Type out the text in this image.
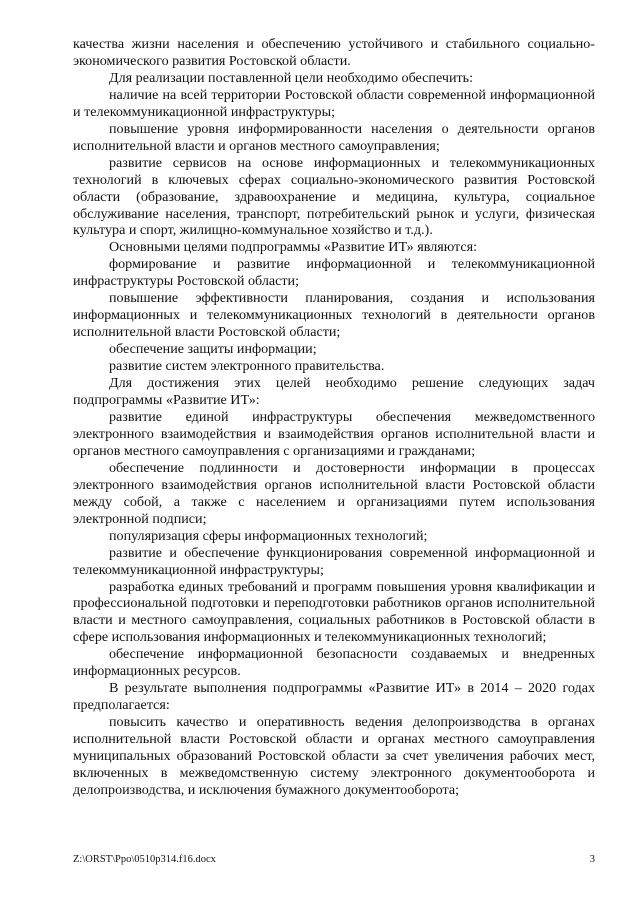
качества жизни населения и обеспечению устойчивого и стабильного социально-экономического развития Ростовской области.

Для реализации поставленной цели необходимо обеспечить:

наличие на всей территории Ростовской области современной информационной и телекоммуникационной инфраструктуры;

повышение уровня информированности населения о деятельности органов исполнительной власти и органов местного самоуправления;

развитие сервисов на основе информационных и телекоммуникационных технологий в ключевых сферах социально-экономического развития Ростовской области (образование, здравоохранение и медицина, культура, социальное обслуживание населения, транспорт, потребительский рынок и услуги, физическая культура и спорт, жилищно-коммунальное хозяйство и т.д.).

Основными целями подпрограммы «Развитие ИТ» являются:

формирование и развитие информационной и телекоммуникационной инфраструктуры Ростовской области;

повышение эффективности планирования, создания и использования информационных и телекоммуникационных технологий в деятельности органов исполнительной власти Ростовской области;

обеспечение защиты информации;

развитие систем электронного правительства.

Для достижения этих целей необходимо решение следующих задач подпрограммы «Развитие ИТ»:

развитие единой инфраструктуры обеспечения межведомственного электронного взаимодействия и взаимодействия органов исполнительной власти и органов местного самоуправления с организациями и гражданами;

обеспечение подлинности и достоверности информации в процессах электронного взаимодействия органов исполнительной власти Ростовской области между собой, а также с населением и организациями путем использования электронной подписи;

популяризация сферы информационных технологий;

развитие и обеспечение функционирования современной информационной и телекоммуникационной инфраструктуры;

разработка единых требований и программ повышения уровня квалификации и профессиональной подготовки и переподготовки работников органов исполнительной власти и местного самоуправления, социальных работников в Ростовской области в сфере использования информационных и телекоммуникационных технологий;

обеспечение информационной безопасности создаваемых и внедренных информационных ресурсов.

В результате выполнения подпрограммы «Развитие ИТ» в 2014 – 2020 годах предполагается:

повысить качество и оперативность ведения делопроизводства в органах исполнительной власти Ростовской области и органах местного самоуправления муниципальных образований Ростовской области за счет увеличения рабочих мест, включенных в межведомственную систему электронного документооборота и делопроизводства, и исключения бумажного документооборота;

Z:\ORST\Ppo\0510p314.f16.docx	3
